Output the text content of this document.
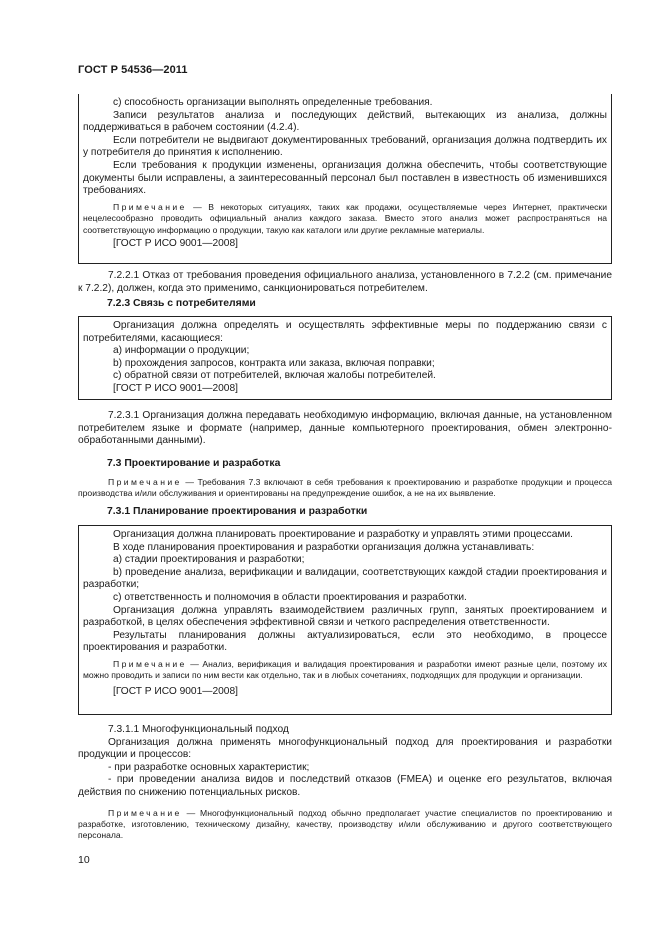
ГОСТ Р 54536—2011

c) способность организации выполнять определенные требования.

Записи результатов анализа и последующих действий, вытекающих из анализа, должны поддерживаться в рабочем состоянии (4.2.4).

Если потребители не выдвигают документированных требований, организация должна подтвердить их у потребителя до принятия к исполнению.

Если требования к продукции изменены, организация должна обеспечить, чтобы соответствующие документы были исправлены, а заинтересованный персонал был поставлен в известность об изменившихся требованиях.

Примечание — В некоторых ситуациях, таких как продажи, осуществляемые через Интернет, практически нецелесообразно проводить официальный анализ каждого заказа. Вместо этого анализ может распространяться на соответствующую информацию о продукции, такую как каталоги или другие рекламные материалы.

[ГОСТ Р ИСО 9001—2008]

7.2.2.1 Отказ от требования проведения официального анализа, установленного в 7.2.2 (см. примечание к 7.2.2), должен, когда это применимо, санкционироваться потребителем.

7.2.3 Связь с потребителями

Организация должна определять и осуществлять эффективные меры по поддержанию связи с потребителями, касающиеся:

a) информации о продукции;

b) прохождения запросов, контракта или заказа, включая поправки;

c) обратной связи от потребителей, включая жалобы потребителей.

[ГОСТ Р ИСО 9001—2008]

7.2.3.1 Организация должна передавать необходимую информацию, включая данные, на установленном потребителем языке и формате (например, данные компьютерного проектирования, обмен электронно-обработанными данными).

7.3 Проектирование и разработка

Примечание — Требования 7.3 включают в себя требования к проектированию и разработке продукции и процесса производства и/или обслуживания и ориентированы на предупреждение ошибок, а не на их выявление.

7.3.1 Планирование проектирования и разработки

Организация должна планировать проектирование и разработку и управлять этими процессами.

В ходе планирования проектирования и разработки организация должна устанавливать:

a) стадии проектирования и разработки;

b) проведение анализа, верификации и валидации, соответствующих каждой стадии проектирования и разработки;

c) ответственность и полномочия в области проектирования и разработки.

Организация должна управлять взаимодействием различных групп, занятых проектированием и разработкой, в целях обеспечения эффективной связи и четкого распределения ответственности.

Результаты планирования должны актуализироваться, если это необходимо, в процессе проектирования и разработки.

Примечание — Анализ, верификация и валидация проектирования и разработки имеют разные цели, поэтому их можно проводить и записи по ним вести как отдельно, так и в любых сочетаниях, подходящих для продукции и организации.

[ГОСТ Р ИСО 9001—2008]

7.3.1.1 Многофункциональный подход

Организация должна применять многофункциональный подход для проектирования и разработки продукции и процессов:

- при разработке основных характеристик;

- при проведении анализа видов и последствий отказов (FMEA) и оценке его результатов, включая действия по снижению потенциальных рисков.

Примечание — Многофункциональный подход обычно предполагает участие специалистов по проектированию и разработке, изготовлению, техническому дизайну, качеству, производству и/или обслуживанию и другого соответствующего персонала.

10
